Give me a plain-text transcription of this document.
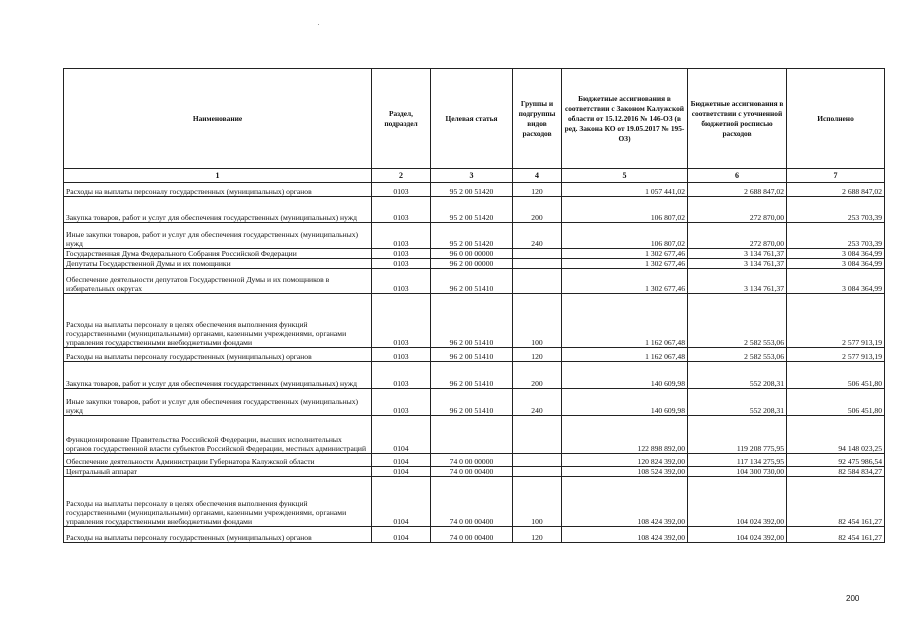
Наименование	Раздел, подраздел	Целевая статья	Группы и подгруппы видов расходов	Бюджетные ассигнования в соответствии с Законом Калужской области от 15.12.2016 № 146-ОЗ (в ред. Закона КО от 19.05.2017 № 195-ОЗ)	Бюджетные ассигнования в соответствии с уточненной бюджетной росписью расходов	Исполнено
1	2	3	4	5	6	7
Расходы на выплаты персоналу государственных (муниципальных) органов	0103	95 2 00 51420	120	1 057 441,02	2 688 847,02	2 688 847,02
Закупка товаров, работ и услуг для обеспечения государственных (муниципальных) нужд	0103	95 2 00 51420	200	106 807,02	272 870,00	253 703,39
Иные закупки товаров, работ и услуг для обеспечения государственных (муниципальных) нужд	0103	95 2 00 51420	240	106 807,02	272 870,00	253 703,39
Государственная Дума Федерального Собрания Российской Федерации	0103	96 0 00 00000		1 302 677,46	3 134 761,37	3 084 364,99
Депутаты Государственной Думы и их помощники	0103	96 2 00 00000		1 302 677,46	3 134 761,37	3 084 364,99
Обеспечение деятельности депутатов Государственной Думы и их помощников в избирательных округах	0103	96 2 00 51410		1 302 677,46	3 134 761,37	3 084 364,99
Расходы на выплаты персоналу в целях обеспечения выполнения функций государственными (муниципальными) органами, казенными учреждениями, органами управления государственными внебюджетными фондами	0103	96 2 00 51410	100	1 162 067,48	2 582 553,06	2 577 913,19
Расходы на выплаты персоналу государственных (муниципальных) органов	0103	96 2 00 51410	120	1 162 067,48	2 582 553,06	2 577 913,19
Закупка товаров, работ и услуг для обеспечения государственных (муниципальных) нужд	0103	96 2 00 51410	200	140 609,98	552 208,31	506 451,80
Иные закупки товаров, работ и услуг для обеспечения государственных (муниципальных) нужд	0103	96 2 00 51410	240	140 609,98	552 208,31	506 451,80
Функционирование Правительства Российской Федерации, высших исполнительных органов государственной власти субъектов Российской Федерации, местных администраций	0104			122 898 892,00	119 208 775,95	94 148 023,25
Обеспечение деятельности Администрации Губернатора Калужской области	0104	74 0 00 00000		120 824 392,00	117 134 275,95	92 475 986,54
Центральный аппарат	0104	74 0 00 00400		108 524 392,00	104 300 730,00	82 584 834,27
Расходы на выплаты персоналу в целях обеспечения выполнения функций государственными (муниципальными) органами, казенными учреждениями, органами управления государственными внебюджетными фондами	0104	74 0 00 00400	100	108 424 392,00	104 024 392,00	82 454 161,27
Расходы на выплаты персоналу государственных (муниципальных) органов	0104	74 0 00 00400	120	108 424 392,00	104 024 392,00	82 454 161,27
200
